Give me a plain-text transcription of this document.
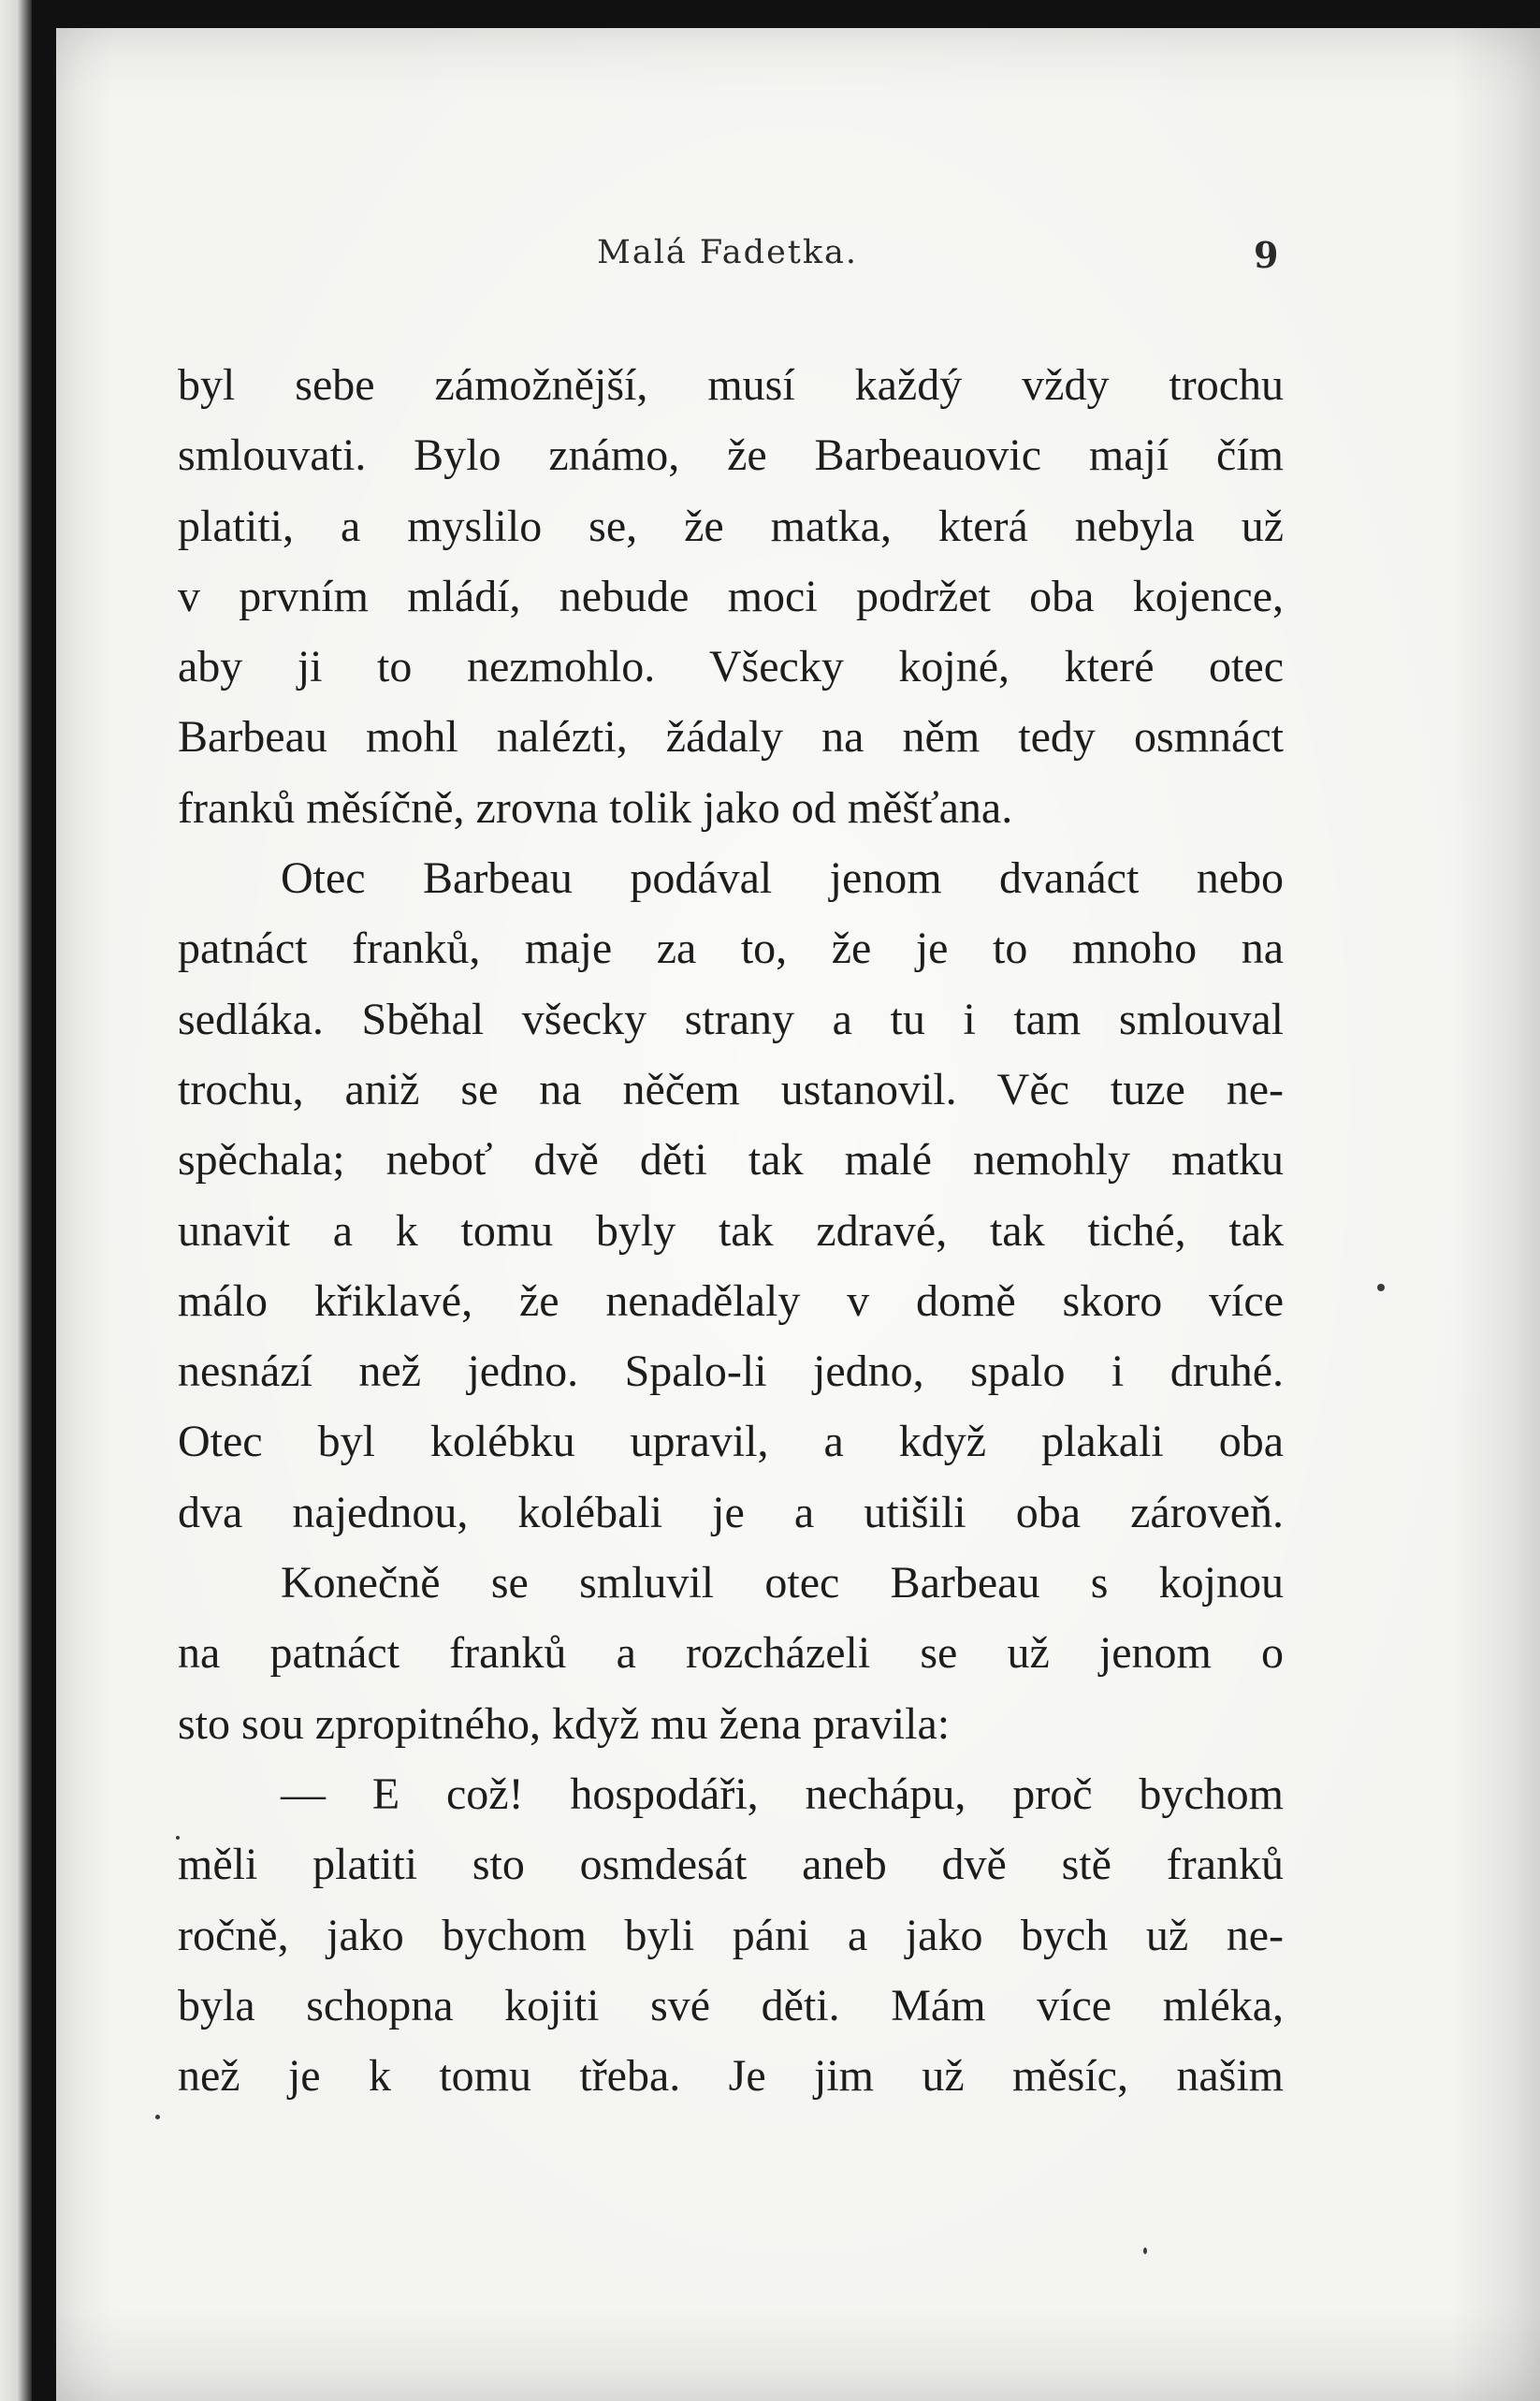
Malá Fadetka.	9
byl sebe zámožnější, musí každý vždy trochu
smlouvati. Bylo známo, že Barbeauovic mají čím
platiti, a myslilo se, že matka, která nebyla už
v prvním mládí, nebude moci podržet oba kojence,
aby ji to nezmohlo. Všecky kojné, které otec
Barbeau mohl nalézti, žádaly na něm tedy osmnáct
franků měsíčně, zrovna tolik jako od měšťana.
Otec Barbeau podával jenom dvanáct nebo
patnáct franků, maje za to, že je to mnoho na
sedláka. Sběhal všecky strany a tu i tam smlouval
trochu, aniž se na něčem ustanovil. Věc tuze ne-
spěchala; neboť dvě děti tak malé nemohly matku
unavit a k tomu byly tak zdravé, tak tiché, tak
málo křiklavé, že nenadělaly v domě skoro více
nesnází než jedno. Spalo-li jedno, spalo i druhé.
Otec byl kolébku upravil, a když plakali oba
dva najednou, kolébali je a utišili oba zároveň.
Konečně se smluvil otec Barbeau s kojnou
na patnáct franků a rozcházeli se už jenom o
sto sou zpropitného, když mu žena pravila:
— E což! hospodáři, nechápu, proč bychom
měli platiti sto osmdesát aneb dvě stě franků
ročně, jako bychom byli páni a jako bych už ne-
byla schopna kojiti své děti. Mám více mléka,
než je k tomu třeba. Je jim už měsíc, našim
